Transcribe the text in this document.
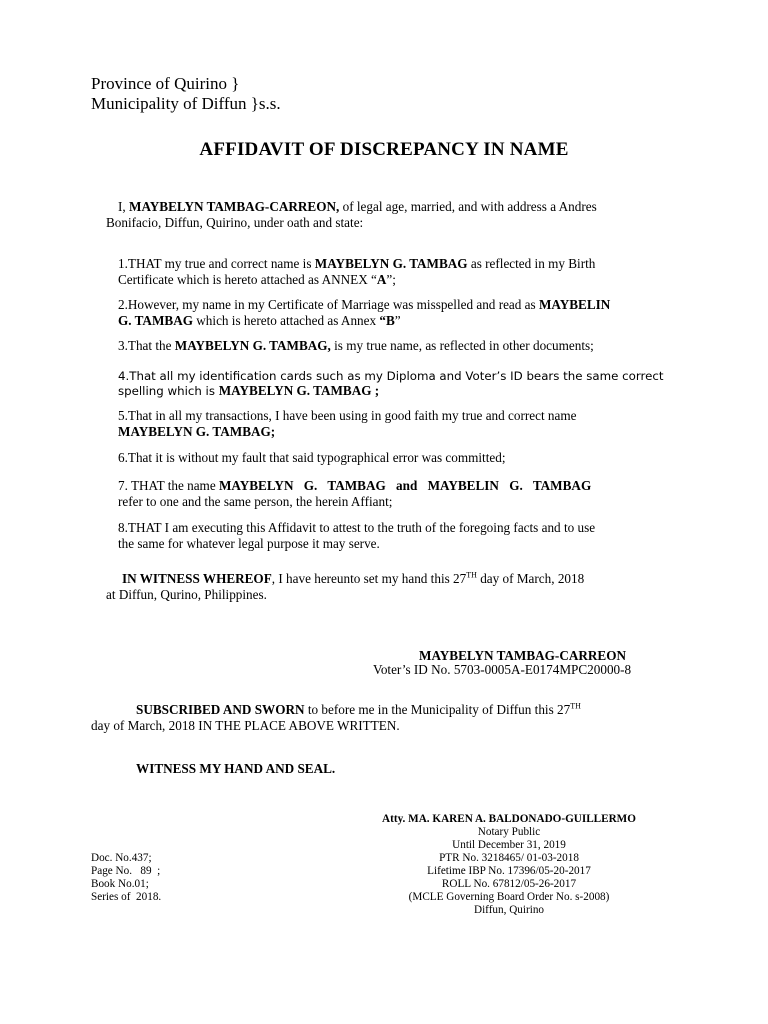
Province of Quirino }
Municipality of Diffun }s.s.
AFFIDAVIT OF DISCREPANCY IN NAME
I, MAYBELYN TAMBAG-CARREON, of legal age, married, and with address a Andres
Bonifacio, Diffun, Quirino, under oath and state:
1.THAT my true and correct name is MAYBELYN G. TAMBAG as reflected in my Birth
Certificate which is hereto attached as ANNEX “A”;
2.However, my name in my Certificate of Marriage was misspelled and read as MAYBELIN
G. TAMBAG which is hereto attached as Annex “B”
3.That the MAYBELYN G. TAMBAG, is my true name, as reflected in other documents;
4.That all my identification cards such as my Diploma and Voter’s ID bears the same correct
spelling which is MAYBELYN G. TAMBAG ;
5.That in all my transactions, I have been using in good faith my true and correct name
MAYBELYN G. TAMBAG;
6.That it is without my fault that said typographical error was committed;
7. THAT the name MAYBELYN G. TAMBAG and MAYBELIN G. TAMBAG
refer to one and the same person, the herein Affiant;
8.THAT I am executing this Affidavit to attest to the truth of the foregoing facts and to use
the same for whatever legal purpose it may serve.
IN WITNESS WHEREOF, I have hereunto set my hand this 27TH day of March, 2018
at Diffun, Qurino, Philippines.
MAYBELYN TAMBAG-CARREON
Voter’s ID No. 5703-0005A-E0174MPC20000-8
SUBSCRIBED AND SWORN to before me in the Municipality of Diffun this 27TH
day of March, 2018 IN THE PLACE ABOVE WRITTEN.
WITNESS MY HAND AND SEAL.
Atty. MA. KAREN A. BALDONADO-GUILLERMO
Notary Public
Until December 31, 2019
PTR No. 3218465/ 01-03-2018
Lifetime IBP No. 17396/05-20-2017
ROLL No. 67812/05-26-2017
(MCLE Governing Board Order No. s-2008)
Diffun, Quirino
Doc. No.437;
Page No.   89  ;
Book No.01;
Series of  2018.
